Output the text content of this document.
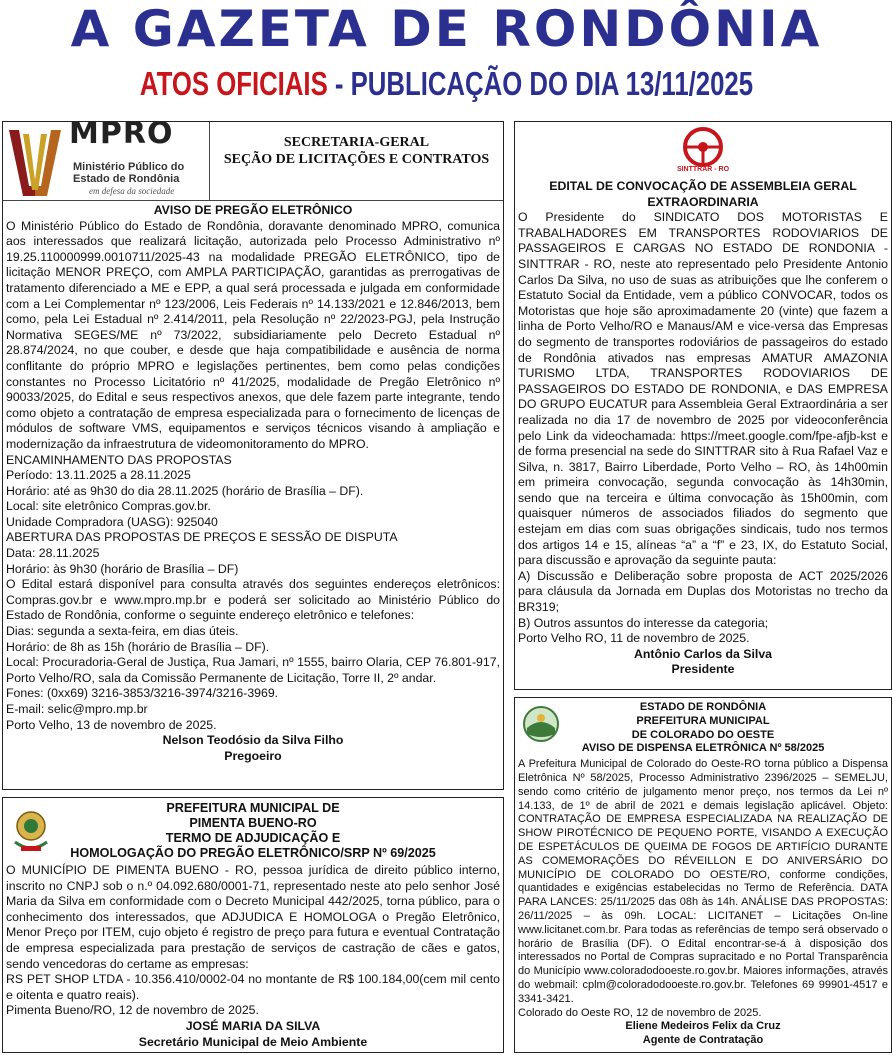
A GAZETA DE RONDÔNIA
ATOS OFICIAIS - PUBLICAÇÃO DO DIA 13/11/2025
MPRO
Ministério Público do
Estado de Rondônia
em defesa da sociedade
SECRETARIA-GERAL
SEÇÃO DE LICITAÇÕES E CONTRATOS

AVISO DE PREGÃO ELETRÔNICO

O Ministério Público do Estado de Rondônia, doravante denominado MPRO, comunica aos interessados que realizará licitação, autorizada pelo Processo Administrativo nº 19.25.110000999.0010711/2025-43 na modalidade PREGÃO ELETRÔNICO, tipo de licitação MENOR PREÇO, com AMPLA PARTICIPAÇÃO, garantidas as prerrogativas de tratamento diferenciado a ME e EPP, a qual será processada e julgada em conformidade com a Lei Complementar nº 123/2006, Leis Federais nº 14.133/2021 e 12.846/2013, bem como, pela Lei Estadual nº 2.414/2011, pela Resolução nº 22/2023-PGJ, pela Instrução Normativa SEGES/ME nº 73/2022, subsidiariamente pelo Decreto Estadual nº 28.874/2024, no que couber, e desde que haja compatibilidade e ausência de norma conflitante do próprio MPRO e legislações pertinentes, bem como pelas condições constantes no Processo Licitatório nº 41/2025, modalidade de Pregão Eletrônico nº 90033/2025, do Edital e seus respectivos anexos, que dele fazem parte integrante, tendo como objeto a contratação de empresa especializada para o fornecimento de licenças de módulos de software VMS, equipamentos e serviços técnicos visando à ampliação e modernização da infraestrutura de videomonitoramento do MPRO.

ENCAMINHAMENTO DAS PROPOSTAS

Período: 13.11.2025 a 28.11.2025

Horário: até as 9h30 do dia 28.11.2025 (horário de Brasília – DF).

Local: site eletrônico Compras.gov.br.

Unidade Compradora (UASG): 925040

ABERTURA DAS PROPOSTAS DE PREÇOS E SESSÃO DE DISPUTA

Data: 28.11.2025

Horário: às 9h30 (horário de Brasília – DF)

O Edital estará disponível para consulta através dos seguintes endereços eletrônicos: Compras.gov.br e www.mpro.mp.br e poderá ser solicitado ao Ministério Público do Estado de Rondônia, conforme o seguinte endereço eletrônico e telefones:

Dias: segunda a sexta-feira, em dias úteis.

Horário: de 8h as 15h (horário de Brasília – DF).

Local: Procuradoria-Geral de Justiça, Rua Jamari, nº 1555, bairro Olaria, CEP 76.801-917, Porto Velho/RO, sala da Comissão Permanente de Licitação, Torre II, 2º andar.

Fones: (0xx69) 3216-3853/3216-3974/3216-3969.

E-mail: selic@mpro.mp.br

Porto Velho, 13 de novembro de 2025.

Nelson Teodósio da Silva Filho

Pregoeiro

PREFEITURA MUNICIPAL DE
PIMENTA BUENO-RO
TERMO DE ADJUDICAÇÃO E
HOMOLOGAÇÃO DO PREGÃO ELETRÔNICO/SRP Nº 69/2025

O MUNICÍPIO DE PIMENTA BUENO - RO, pessoa jurídica de direito público interno, inscrito no CNPJ sob o n.º 04.092.680/0001-71, representado neste ato pelo senhor José Maria da Silva em conformidade com o Decreto Municipal 442/2025, torna público, para o conhecimento dos interessados, que ADJUDICA E HOMOLOGA o Pregão Eletrônico, Menor Preço por ITEM, cujo objeto é registro de preço para futura e eventual Contratação de empresa especializada para prestação de serviços de castração de cães e gatos, sendo vencedoras do certame as empresas:

RS PET SHOP LTDA - 10.356.410/0002-04 no montante de R$ 100.184,00(cem mil cento e oitenta e quatro reais).

Pimenta Bueno/RO, 12 de novembro de 2025.

JOSÉ MARIA DA SILVA

Secretário Municipal de Meio Ambiente

SINTTRAR - RO

EDITAL DE CONVOCAÇÃO DE ASSEMBLEIA GERAL

EXTRAORDINARIA

O Presidente do SINDICATO DOS MOTORISTAS E TRABALHADORES EM TRANSPORTES RODOVIARIOS DE PASSAGEIROS E CARGAS NO ESTADO DE RONDONIA - SINTTRAR - RO, neste ato representado pelo Presidente Antonio Carlos Da Silva, no uso de suas as atribuições que lhe conferem o Estatuto Social da Entidade, vem a público CONVOCAR, todos os Motoristas que hoje são aproximadamente 20 (vinte) que fazem a linha de Porto Velho/RO e Manaus/AM e vice-versa das Empresas do segmento de transportes rodoviários de passageiros do estado de Rondônia ativados nas empresas AMATUR AMAZONIA TURISMO LTDA, TRANSPORTES RODOVIARIOS DE PASSAGEIROS DO ESTADO DE RONDONIA, e DAS EMPRESA DO GRUPO EUCATUR para Assembleia Geral Extraordinária a ser realizada no dia 17 de novembro de 2025 por videoconferência pelo Link da videochamada: https://meet.google.com/fpe-afjb-kst e de forma presencial na sede do SINTTRAR sito à Rua Rafael Vaz e Silva, n. 3817, Bairro Liberdade, Porto Velho – RO, às 14h00min em primeira convocação, segunda convocação às 14h30min, sendo que na terceira e última convocação às 15h00min, com quaisquer números de associados filiados do segmento que estejam em dias com suas obrigações sindicais, tudo nos termos dos artigos 14 e 15, alíneas “a” a “f” e 23, IX, do Estatuto Social, para discussão e aprovação da seguinte pauta:

A) Discussão e Deliberação sobre proposta de ACT 2025/2026 para cláusula da Jornada em Duplas dos Motoristas no trecho da BR319;

B) Outros assuntos do interesse da categoria;

Porto Velho RO, 11 de novembro de 2025.

Antônio Carlos da Silva

Presidente

ESTADO DE RONDÔNIA
PREFEITURA MUNICIPAL
DE COLORADO DO OESTE
AVISO DE DISPENSA ELETRÔNICA Nº 58/2025

A Prefeitura Municipal de Colorado do Oeste-RO torna público a Dispensa Eletrônica Nº 58/2025, Processo Administrativo 2396/2025 – SEMELJU, sendo como critério de julgamento menor preço, nos termos da Lei nº 14.133, de 1º de abril de 2021 e demais legislação aplicável. Objeto: CONTRATAÇÃO DE EMPRESA ESPECIALIZADA NA REALIZAÇÃO DE SHOW PIROTÉCNICO DE PEQUENO PORTE, VISANDO A EXECUÇÃO DE ESPETÁCULOS DE QUEIMA DE FOGOS DE ARTIFÍCIO DURANTE AS COMEMORAÇÕES DO RÉVEILLON E DO ANIVERSÁRIO DO MUNICÍPIO DE COLORADO DO OESTE/RO, conforme condições, quantidades e exigências estabelecidas no Termo de Referência. DATA PARA LANCES: 25/11/2025 das 08h às 14h. ANÁLISE DAS PROPOSTAS: 26/11/2025 – às 09h. LOCAL: LICITANET – Licitações On-line www.licitanet.com.br. Para todas as referências de tempo será observado o horário de Brasília (DF). O Edital encontrar-se-á à disposição dos interessados no Portal de Compras supracitado e no Portal Transparência do Município www.coloradodooeste.ro.gov.br. Maiores informações, através do webmail: cplm@coloradodooeste.ro.gov.br. Telefones 69 99901-4517 e 3341-3421.

Colorado do Oeste RO, 12 de novembro de 2025.

Eliene Medeiros Felix da Cruz

Agente de Contratação
